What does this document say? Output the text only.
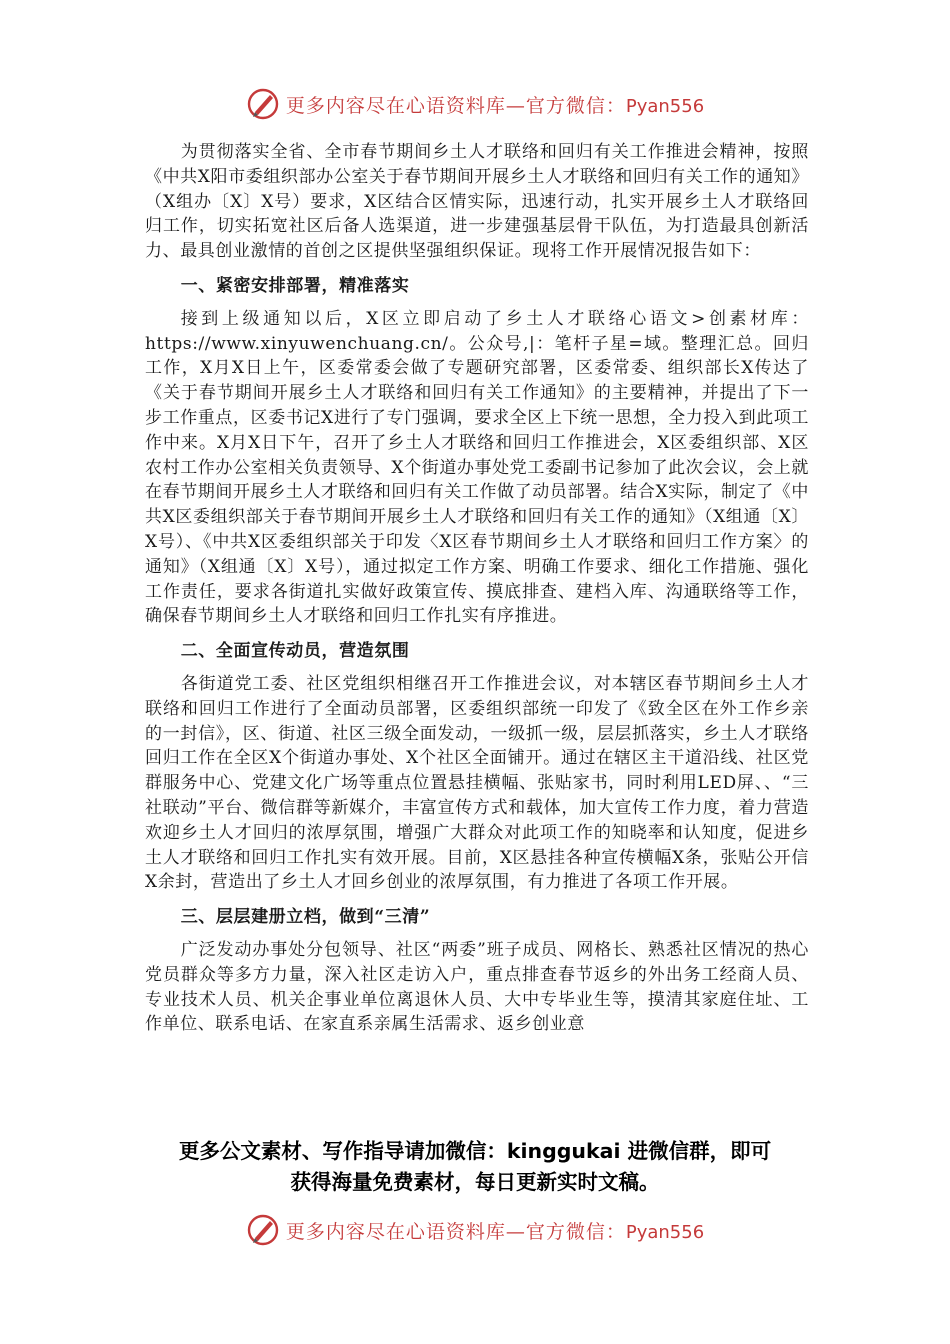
更多内容尽在心语资料库—官方微信：Pyan556

为贯彻落实全省、全市春节期间乡土人才联络和回归有关工作推进会精神，按照《中共X阳市委组织部办公室关于春节期间开展乡土人才联络和回归有关工作的通知》（X组办〔X〕X号）要求，X区结合区情实际，迅速行动，扎实开展乡土人才联络回归工作，切实拓宽社区后备人选渠道，进一步建强基层骨干队伍，为打造最具创新活力、最具创业激情的首创之区提供坚强组织保证。现将工作开展情况报告如下：

一、紧密安排部署，精准落实

接到上级通知以后，X区立即启动了乡土人才联络心语文>创素材库：https://www.xinyuwenchuang.cn/。公众号,|：笔杆子星=域。整理汇总。回归工作，X月X日上午，区委常委会做了专题研究部署，区委常委、组织部长X传达了《关于春节期间开展乡土人才联络和回归有关工作通知》的主要精神，并提出了下一步工作重点，区委书记X进行了专门强调，要求全区上下统一思想，全力投入到此项工作中来。X月X日下午，召开了乡土人才联络和回归工作推进会，X区委组织部、X区农村工作办公室相关负责领导、X个街道办事处党工委副书记参加了此次会议，会上就在春节期间开展乡土人才联络和回归有关工作做了动员部署。结合X实际，制定了《中共X区委组织部关于春节期间开展乡土人才联络和回归有关工作的通知》（X组通〔X〕X号）、《中共X区委组织部关于印发〈X区春节期间乡土人才联络和回归工作方案〉的通知》（X组通〔X〕X号），通过拟定工作方案、明确工作要求、细化工作措施、强化工作责任，要求各街道扎实做好政策宣传、摸底排查、建档入库、沟通联络等工作，确保春节期间乡土人才联络和回归工作扎实有序推进。

二、全面宣传动员，营造氛围

各街道党工委、社区党组织相继召开工作推进会议，对本辖区春节期间乡土人才联络和回归工作进行了全面动员部署，区委组织部统一印发了《致全区在外工作乡亲的一封信》，区、街道、社区三级全面发动，一级抓一级，层层抓落实，乡土人才联络回归工作在全区X个街道办事处、X个社区全面铺开。通过在辖区主干道沿线、社区党群服务中心、党建文化广场等重点位置悬挂横幅、张贴家书，同时利用LED屏、、“三社联动”平台、微信群等新媒介，丰富宣传方式和载体，加大宣传工作力度，着力营造欢迎乡土人才回归的浓厚氛围，增强广大群众对此项工作的知晓率和认知度，促进乡土人才联络和回归工作扎实有效开展。目前，X区悬挂各种宣传横幅X条，张贴公开信X余封，营造出了乡土人才回乡创业的浓厚氛围，有力推进了各项工作开展。

三、层层建册立档，做到“三清”

广泛发动办事处分包领导、社区“两委”班子成员、网格长、熟悉社区情况的热心党员群众等多方力量，深入社区走访入户，重点排查春节返乡的外出务工经商人员、专业技术人员、机关企事业单位离退休人员、大中专毕业生等，摸清其家庭住址、工作单位、联系电话、在家直系亲属生活需求、返乡创业意

更多公文素材、写作指导请加微信：kinggukai 进微信群，即可
获得海量免费素材，每日更新实时文稿。
更多内容尽在心语资料库—官方微信：Pyan556
